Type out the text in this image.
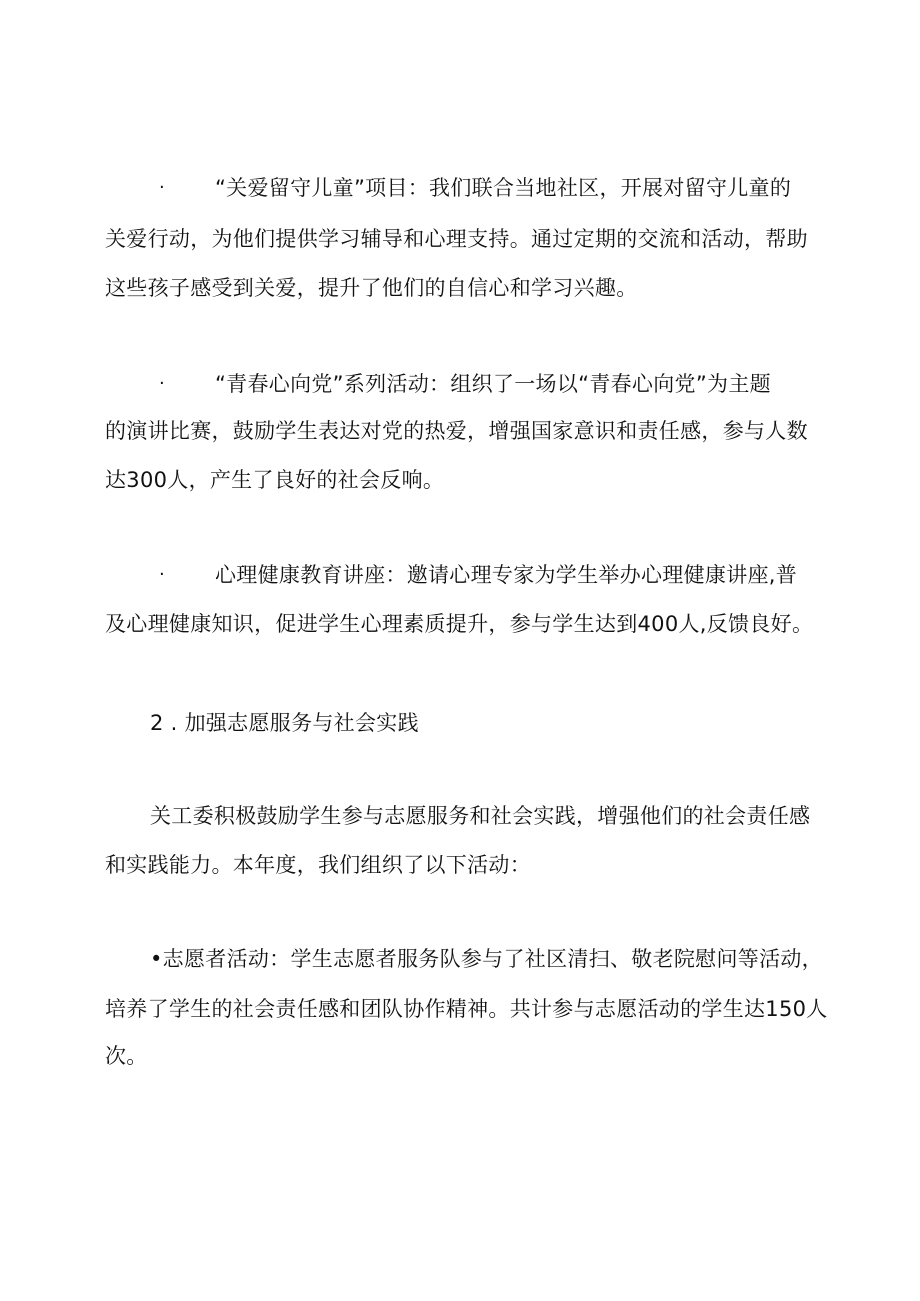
· “关爱留守儿童”项目：我们联合当地社区，开展对留守儿童的
关爱行动，为他们提供学习辅导和心理支持。通过定期的交流和活动，帮助
这些孩子感受到关爱，提升了他们的自信心和学习兴趣。
· “青春心向党”系列活动：组织了一场以“青春心向党”为主题
的演讲比赛，鼓励学生表达对党的热爱，增强国家意识和责任感，参与人数
达300人，产生了良好的社会反响。
· 心理健康教育讲座：邀请心理专家为学生举办心理健康讲座,普
及心理健康知识，促进学生心理素质提升，参与学生达到400人,反馈良好。
2 . 加强志愿服务与社会实践
关工委积极鼓励学生参与志愿服务和社会实践，增强他们的社会责任感
和实践能力。本年度，我们组织了以下活动：
•志愿者活动：学生志愿者服务队参与了社区清扫、敬老院慰问等活动，
培养了学生的社会责任感和团队协作精神。共计参与志愿活动的学生达150人
次。
